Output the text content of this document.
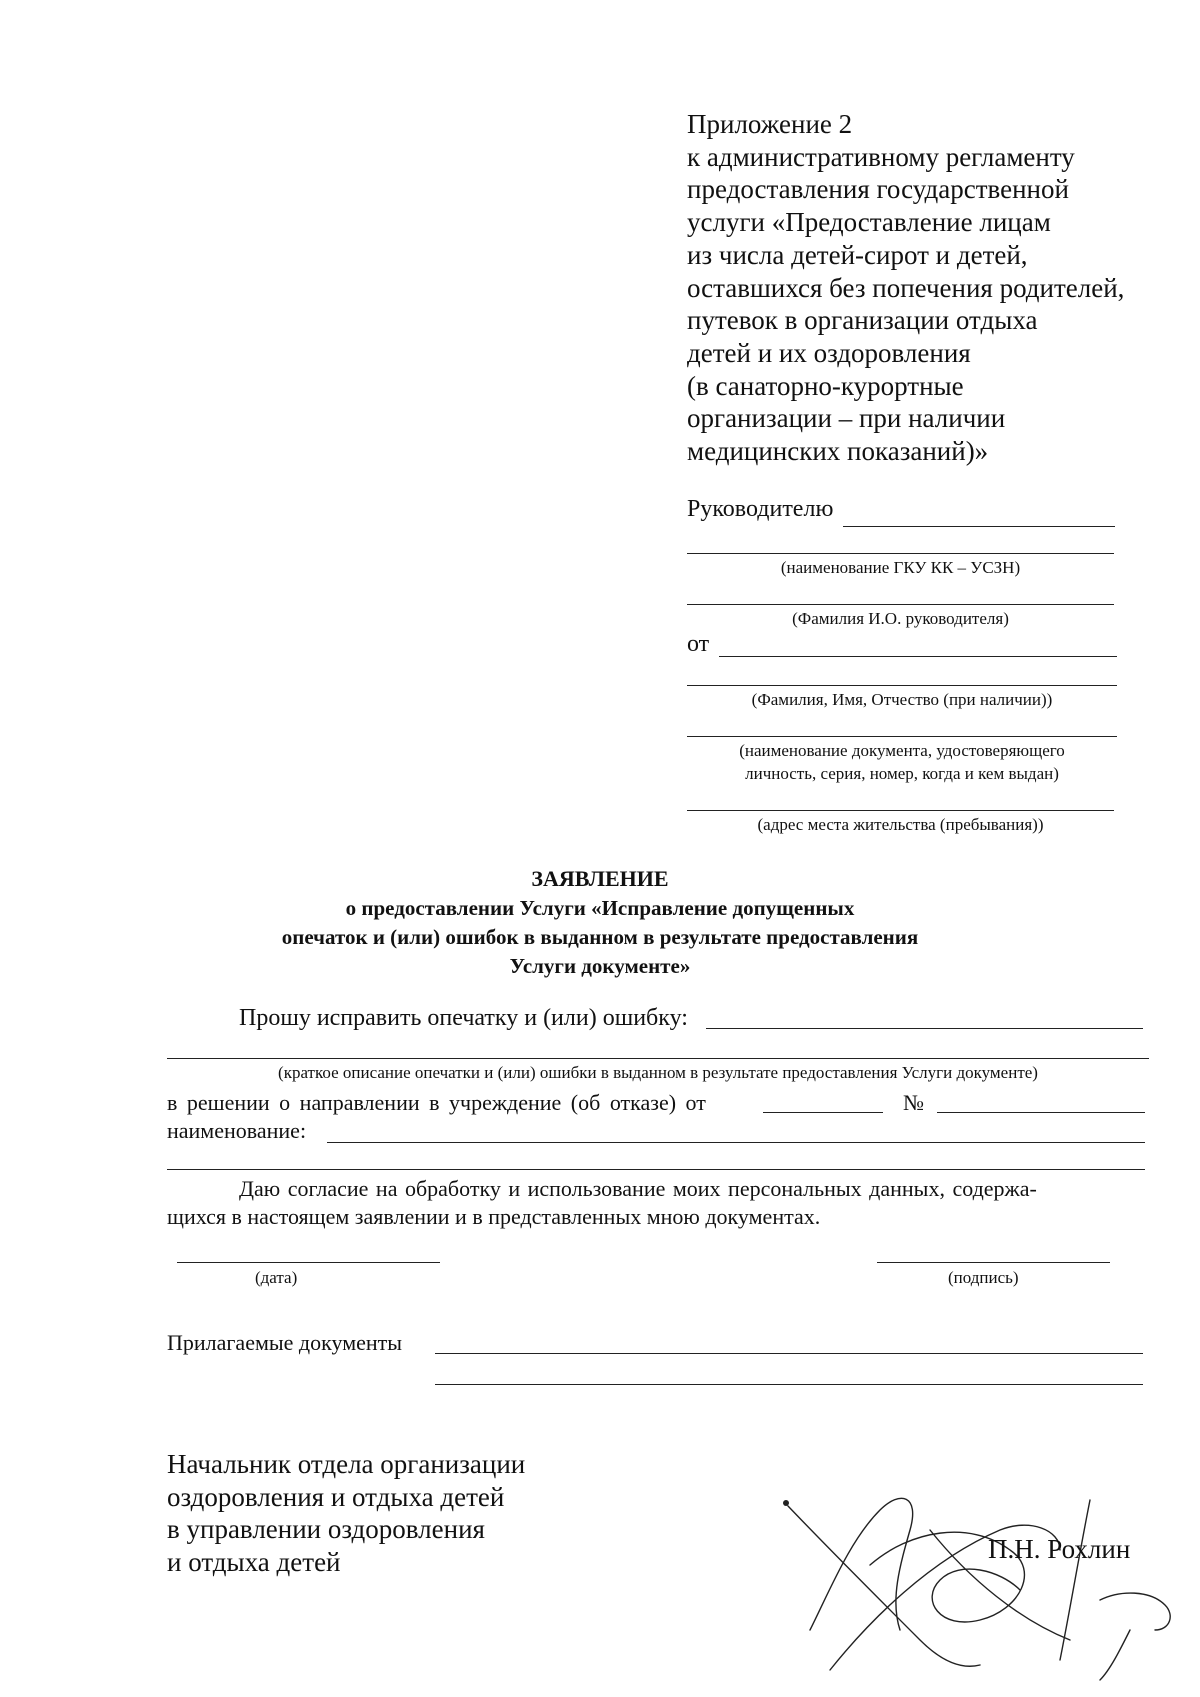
Приложение 2
к административному регламенту
предоставления государственной
услуги «Предоставление лицам
из числа детей-сирот и детей,
оставшихся без попечения родителей,
путевок в организации отдыха
детей и их оздоровления
(в санаторно-курортные
организации – при наличии
медицинских показаний)»
Руководителю
(наименование ГКУ КК – УСЗН)
(Фамилия И.О. руководителя)
от
(Фамилия, Имя, Отчество (при наличии))
(наименование документа, удостоверяющего
личность, серия, номер, когда и кем выдан)
(адрес места жительства (пребывания))
ЗАЯВЛЕНИЕ
о предоставлении Услуги «Исправление допущенных
опечаток и (или) ошибок в выданном в результате предоставления
Услуги документе»
Прошу исправить опечатку и (или) ошибку:
(краткое описание опечатки и (или) ошибки в выданном в результате предоставления Услуги документе)
в решении о направлении в учреждение (об отказе) от	№
наименование:
Даю согласие на обработку и использование моих персональных данных, содержа-
щихся в настоящем заявлении и в представленных мною документах.
(дата)	(подпись)
Прилагаемые документы
Начальник отдела организации
оздоровления и отдыха детей
в управлении оздоровления
и отдыха детей	П.Н. Рохлин
